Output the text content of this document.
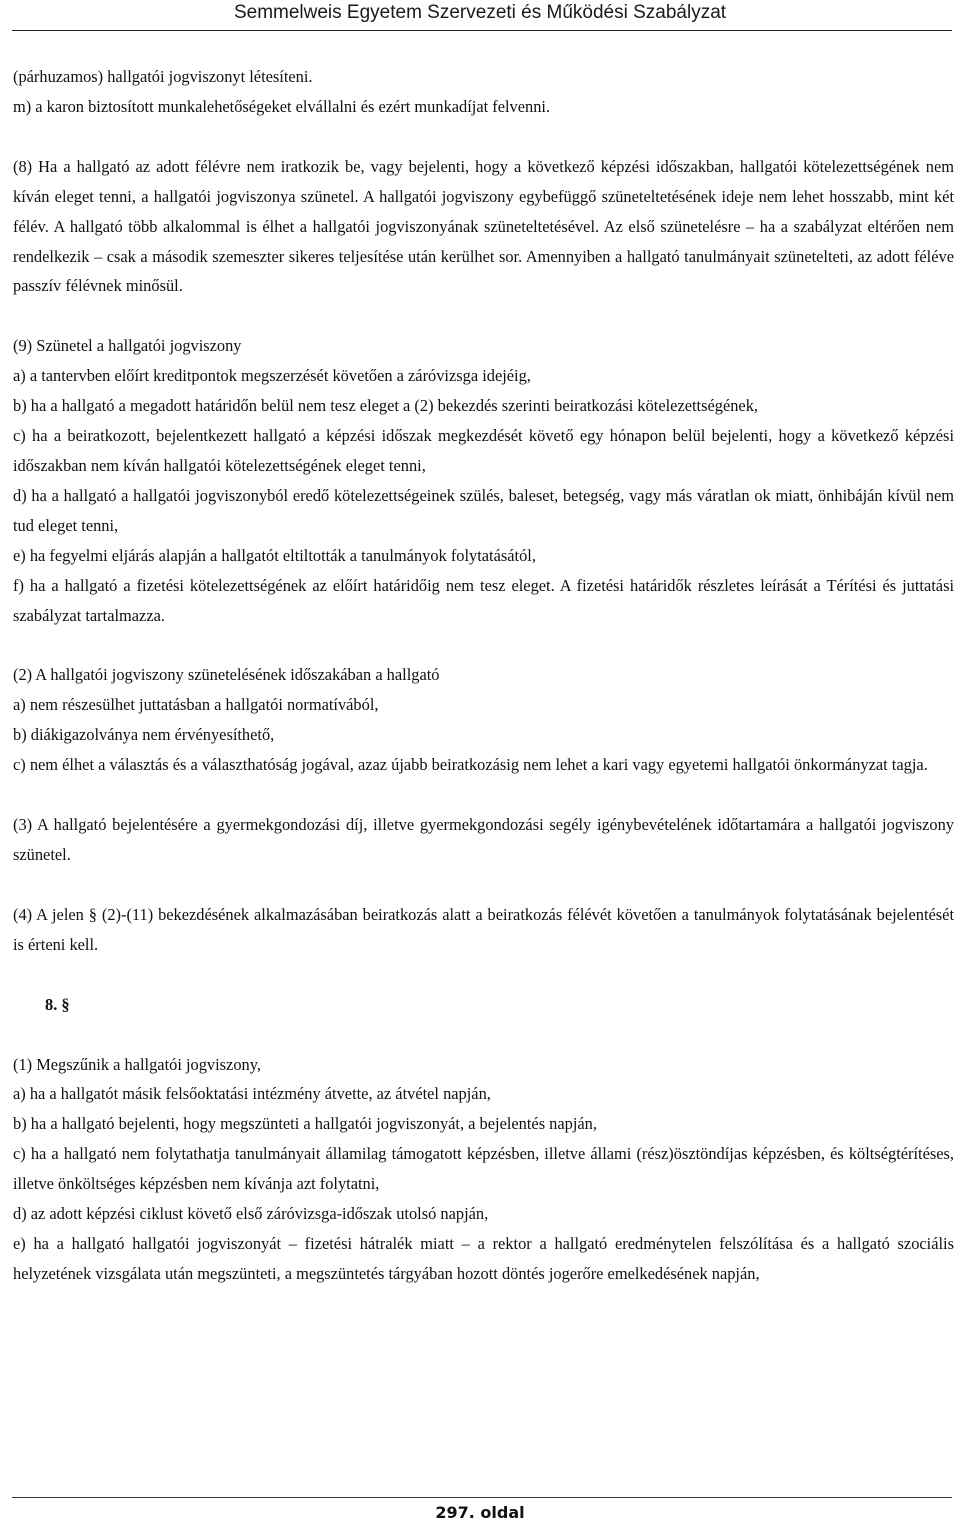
Semmelweis Egyetem Szervezeti és Működési Szabályzat

(párhuzamos) hallgatói jogviszonyt létesíteni.

m) a karon biztosított munkalehetőségeket elvállalni és ezért munkadíjat felvenni.

(8) Ha a hallgató az adott félévre nem iratkozik be, vagy bejelenti, hogy a következő képzési időszakban, hallgatói kötelezettségének nem kíván eleget tenni, a hallgatói jogviszonya szünetel. A hallgatói jogviszony egybefüggő szüneteltetésének ideje nem lehet hosszabb, mint két félév. A hallgató több alkalommal is élhet a hallgatói jogviszonyának szüneteltetésével. Az első szünetelésre – ha a szabályzat eltérően nem rendelkezik – csak a második szemeszter sikeres teljesítése után kerülhet sor. Amennyiben a hallgató tanulmányait szünetelteti, az adott féléve passzív félévnek minősül.

(9) Szünetel a hallgatói jogviszony

a) a tantervben előírt kreditpontok megszerzését követően a záróvizsga idejéig,

b) ha a hallgató a megadott határidőn belül nem tesz eleget a (2) bekezdés szerinti beiratkozási kötelezettségének,

c) ha a beiratkozott, bejelentkezett hallgató a képzési időszak megkezdését követő egy hónapon belül bejelenti, hogy a következő képzési időszakban nem kíván hallgatói kötelezettségének eleget tenni,

d) ha a hallgató a hallgatói jogviszonyból eredő kötelezettségeinek szülés, baleset, betegség, vagy más váratlan ok miatt, önhibáján kívül nem tud eleget tenni,

e) ha fegyelmi eljárás alapján a hallgatót eltiltották a tanulmányok folytatásától,

f) ha a hallgató a fizetési kötelezettségének az előírt határidőig nem tesz eleget. A fizetési határidők részletes leírását a Térítési és juttatási szabályzat tartalmazza.

(2) A hallgatói jogviszony szünetelésének időszakában a hallgató

a) nem részesülhet juttatásban a hallgatói normatívából,

b) diákigazolványa nem érvényesíthető,

c) nem élhet a választás és a választhatóság jogával, azaz újabb beiratkozásig nem lehet a kari vagy egyetemi hallgatói önkormányzat tagja.

(3) A hallgató bejelentésére a gyermekgondozási díj, illetve gyermekgondozási segély igénybevételének időtartamára a hallgatói jogviszony szünetel.

(4) A jelen § (2)-(11) bekezdésének alkalmazásában beiratkozás alatt a beiratkozás félévét követően a tanulmányok folytatásának bejelentését is érteni kell.

8. §

(1) Megszűnik a hallgatói jogviszony,

a) ha a hallgatót másik felsőoktatási intézmény átvette, az átvétel napján,

b) ha a hallgató bejelenti, hogy megszünteti a hallgatói jogviszonyát, a bejelentés napján,

c) ha a hallgató nem folytathatja tanulmányait államilag támogatott képzésben, illetve állami (rész)ösztöndíjas képzésben, és költségtérítéses, illetve önköltséges képzésben nem kívánja azt folytatni,

d) az adott képzési ciklust követő első záróvizsga-időszak utolsó napján,

e) ha a hallgató hallgatói jogviszonyát – fizetési hátralék miatt – a rektor a hallgató eredménytelen felszólítása és a hallgató szociális helyzetének vizsgálata után megszünteti, a megszüntetés tárgyában hozott döntés jogerőre emelkedésének napján,

297. oldal
